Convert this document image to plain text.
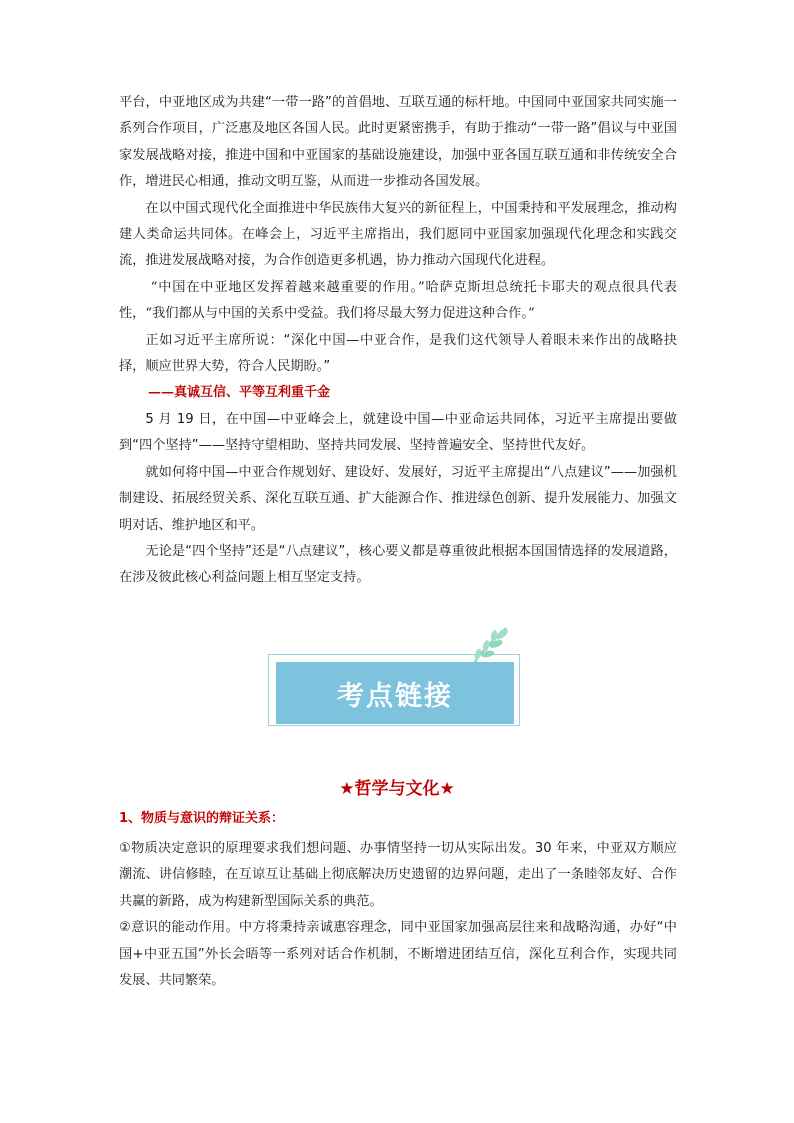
平台，中亚地区成为共建“一带一路”的首倡地、互联互通的标杆地。中国同中亚国家共同实施一系列合作项目，广泛惠及地区各国人民。此时更紧密携手，有助于推动“一带一路”倡议与中亚国家发展战略对接，推进中国和中亚国家的基础设施建设，加强中亚各国互联互通和非传统安全合作，增进民心相通，推动文明互鉴，从而进一步推动各国发展。

在以中国式现代化全面推进中华民族伟大复兴的新征程上，中国秉持和平发展理念，推动构建人类命运共同体。在峰会上，习近平主席指出，我们愿同中亚国家加强现代化理念和实践交流，推进发展战略对接，为合作创造更多机遇，协力推动六国现代化进程。

“中国在中亚地区发挥着越来越重要的作用。”哈萨克斯坦总统托卡耶夫的观点很具代表性，“我们都从与中国的关系中受益。我们将尽最大努力促进这种合作。”

正如习近平主席所说：“深化中国—中亚合作，是我们这代领导人着眼未来作出的战略抉择，顺应世界大势，符合人民期盼。”

——真诚互信、平等互利重千金

5 月 19 日，在中国—中亚峰会上，就建设中国—中亚命运共同体，习近平主席提出要做到“四个坚持”——坚持守望相助、坚持共同发展、坚持普遍安全、坚持世代友好。

就如何将中国—中亚合作规划好、建设好、发展好，习近平主席提出“八点建议”——加强机制建设、拓展经贸关系、深化互联互通、扩大能源合作、推进绿色创新、提升发展能力、加强文明对话、维护地区和平。

无论是“四个坚持”还是“八点建议”，核心要义都是尊重彼此根据本国国情选择的发展道路，在涉及彼此核心利益问题上相互坚定支持。

考点链接
★哲学与文化★

1、物质与意识的辩证关系：

①物质决定意识的原理要求我们想问题、办事情坚持一切从实际出发。30 年来，中亚双方顺应潮流、讲信修睦，在互谅互让基础上彻底解决历史遗留的边界问题，走出了一条睦邻友好、合作共赢的新路，成为构建新型国际关系的典范。

②意识的能动作用。中方将秉持亲诚惠容理念，同中亚国家加强高层往来和战略沟通，办好“中国+中亚五国”外长会晤等一系列对话合作机制，不断增进团结互信，深化互利合作，实现共同发展、共同繁荣。
